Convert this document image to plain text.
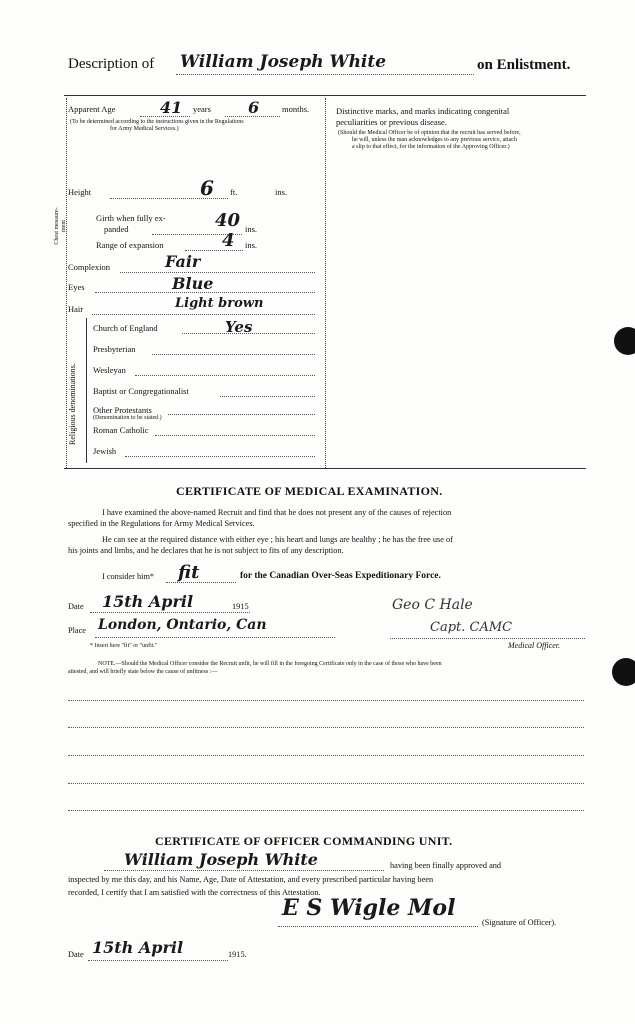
Description of William Joseph White	on Enlistment.
Apparent Age	41 years 6	months.
(To be determined according to the instructions given in the Regulations
for Army Medical Services.)
Distinctive marks, and marks indicating congenital
peculiarities or previous disease.
(Should the Medical Officer be of opinion that the recruit has served before,
he will, unless the man acknowledges to any previous service, attach
a slip to that effect, for the information of the Approving Officer.)
Height	6 ft.	ins.
Chest measure-ment
Girth when fully ex-
panded	40 ins.
Range of expansion	4 ins.
Complexion	Fair
Eyes	Blue
Hair	Light brown
Religious denominations.
Church of England	Yes
Presbyterian
Wesleyan
Baptist or Congregationalist
Other Protestants
(Denomination to be stated.)
Roman Catholic
Jewish
CERTIFICATE OF MEDICAL EXAMINATION.
I have examined the above-named Recruit and find that he does not present any of the causes of rejection
specified in the Regulations for Army Medical Services.
He can see at the required distance with either eye ; his heart and lungs are healthy ; he has the free use of
his joints and limbs, and he declares that he is not subject to fits of any description.
I consider him* fit	for the Canadian Over-Seas Expeditionary Force.
Date 15th April	1915	Geo C Hale
Place London, Ontario, Can	Capt. CAMC
Medical Officer.
* Insert here "fit" or "unfit."
NOTE.—Should the Medical Officer consider the Recruit unfit, he will fill in the foregoing Certificate only in the case of those who have been
attested, and will briefly state below the cause of unfitness :—
CERTIFICATE OF OFFICER COMMANDING UNIT.
William Joseph White	having been finally approved and
inspected by me this day, and his Name, Age, Date of Attestation, and every prescribed particular having been
recorded, I certify that I am satisfied with the correctness of this Attestation.
E S Wigle Mol
(Signature of Officer).
Date 15th April	1915.
